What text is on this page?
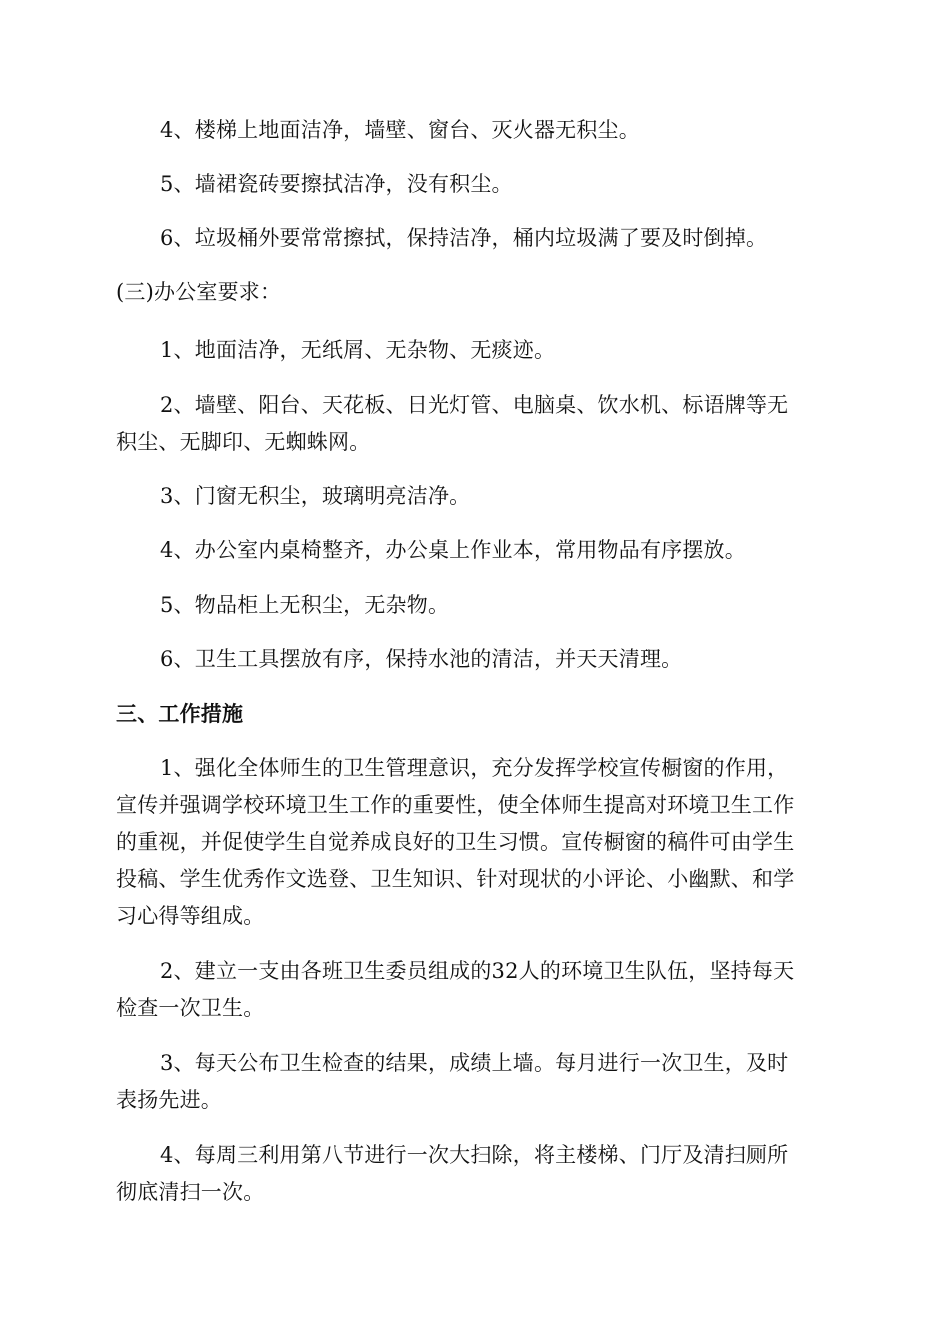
4、楼梯上地面洁净，墙壁、窗台、灭火器无积尘。
5、墙裙瓷砖要擦拭洁净，没有积尘。
6、垃圾桶外要常常擦拭，保持洁净，桶内垃圾满了要及时倒掉。
(三)办公室要求：
1、地面洁净，无纸屑、无杂物、无痰迹。
2、墙壁、阳台、天花板、日光灯管、电脑桌、饮水机、标语牌等无
积尘、无脚印、无蜘蛛网。
3、门窗无积尘，玻璃明亮洁净。
4、办公室内桌椅整齐，办公桌上作业本，常用物品有序摆放。
5、物品柜上无积尘，无杂物。
6、卫生工具摆放有序，保持水池的清洁，并天天清理。
三、工作措施
1、强化全体师生的卫生管理意识，充分发挥学校宣传橱窗的作用，
宣传并强调学校环境卫生工作的重要性，使全体师生提高对环境卫生工作
的重视，并促使学生自觉养成良好的卫生习惯。宣传橱窗的稿件可由学生
投稿、学生优秀作文选登、卫生知识、针对现状的小评论、小幽默、和学
习心得等组成。
2、建立一支由各班卫生委员组成的32人的环境卫生队伍，坚持每天
检查一次卫生。
3、每天公布卫生检查的结果，成绩上墙。每月进行一次卫生，及时
表扬先进。
4、每周三利用第八节进行一次大扫除，将主楼梯、门厅及清扫厕所
彻底清扫一次。
